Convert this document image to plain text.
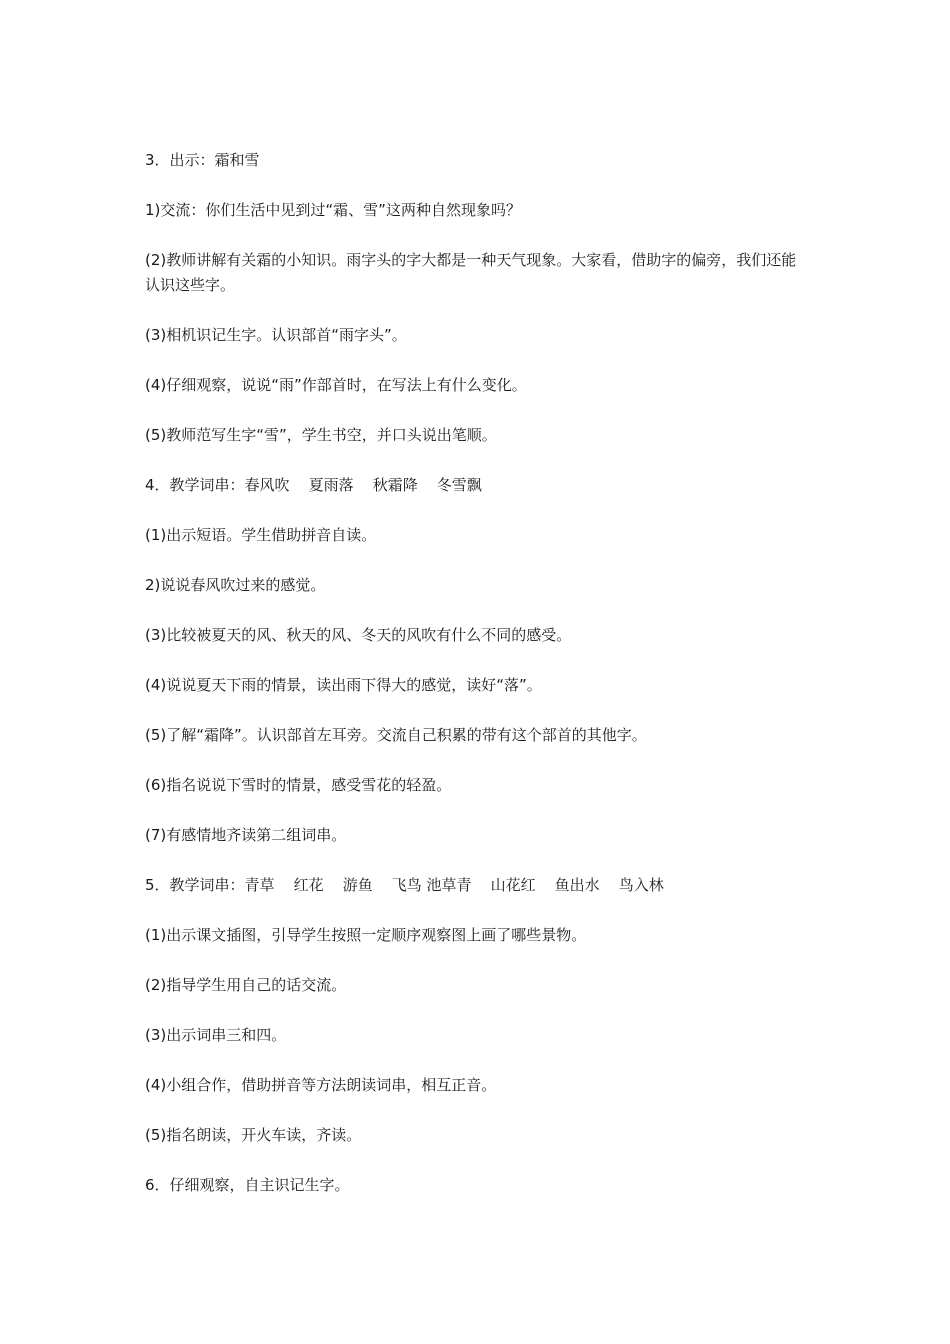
3．出示：霜和雪

1)交流：你们生活中见到过“霜、雪”这两种自然现象吗？

(2)教师讲解有关霜的小知识。雨字头的字大都是一种天气现象。大家看，借助字的偏旁，我们还能认识这些字。

(3)相机识记生字。认识部首“雨字头”。

(4)仔细观察，说说“雨”作部首时，在写法上有什么变化。

(5)教师范写生字“雪”，学生书空，并口头说出笔顺。

4．教学词串：春风吹    夏雨落    秋霜降    冬雪飘

(1)出示短语。学生借助拼音自读。

2)说说春风吹过来的感觉。

(3)比较被夏天的风、秋天的风、冬天的风吹有什么不同的感受。

(4)说说夏天下雨的情景，读出雨下得大的感觉，读好“落”。

(5)了解“霜降”。认识部首左耳旁。交流自己积累的带有这个部首的其他字。

(6)指名说说下雪时的情景，感受雪花的轻盈。

(7)有感情地齐读第二组词串。

5．教学词串：青草    红花    游鱼    飞鸟 池草青    山花红    鱼出水    鸟入林

(1)出示课文插图，引导学生按照一定顺序观察图上画了哪些景物。

(2)指导学生用自己的话交流。

(3)出示词串三和四。

(4)小组合作，借助拼音等方法朗读词串，相互正音。

(5)指名朗读，开火车读，齐读。

6．仔细观察，自主识记生字。
